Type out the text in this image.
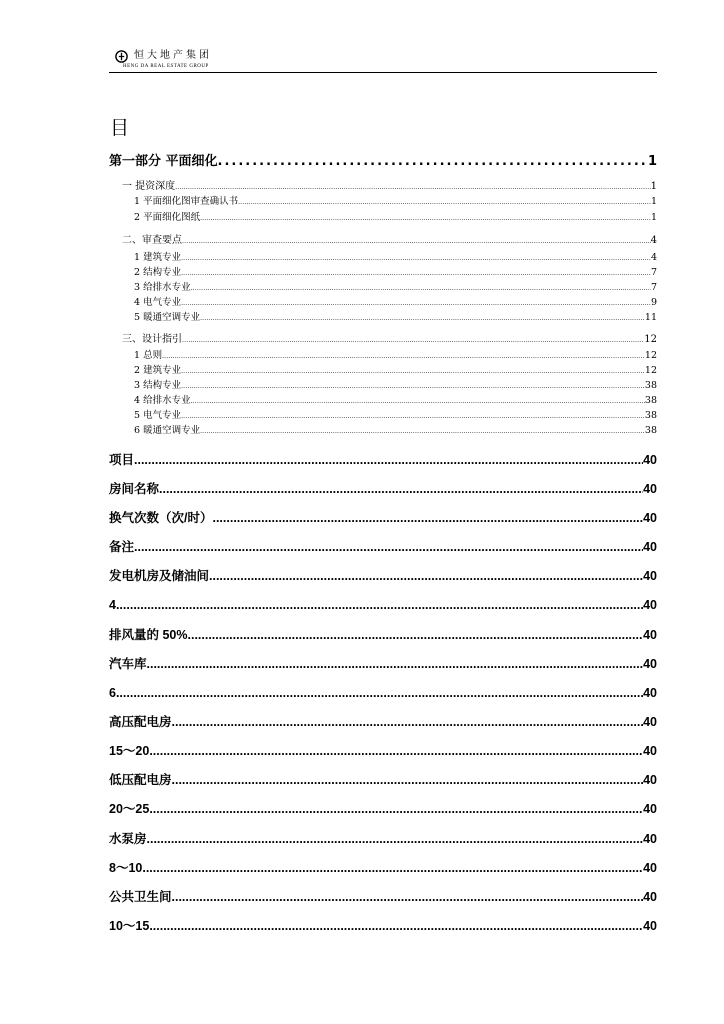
恒大地产集团
HENG DA REAL ESTATE GROUP
目
第一部分 平面细化 .....	1
一 提资深度 .....	1
1 平面细化图审查确认书 .....	1
2 平面细化图纸 .....	1
二、审查要点 .....	4
1 建筑专业 .....	4
2 结构专业 .....	7
3 给排水专业 .....	7
4 电气专业 .....	9
5 暖通空调专业 .....	11
三、设计指引 .....	12
1 总则 .....	12
2 建筑专业 .....	12
3 结构专业 .....	38
4 给排水专业 .....	38
5 电气专业 .....	38
6 暖通空调专业 .....	38
项目 .....	40
房间名称 .....	40
换气次数（次/时） .....	40
备注 .....	40
发电机房及储油间 .....	40
4 .....	40
排风量的 50% .....	40
汽车库 .....	40
6 .....	40
高压配电房 .....	40
15～20 .....	40
低压配电房 .....	40
20～25 .....	40
水泵房 .....	40
8～10 .....	40
公共卫生间 .....	40
10～15 .....	40
